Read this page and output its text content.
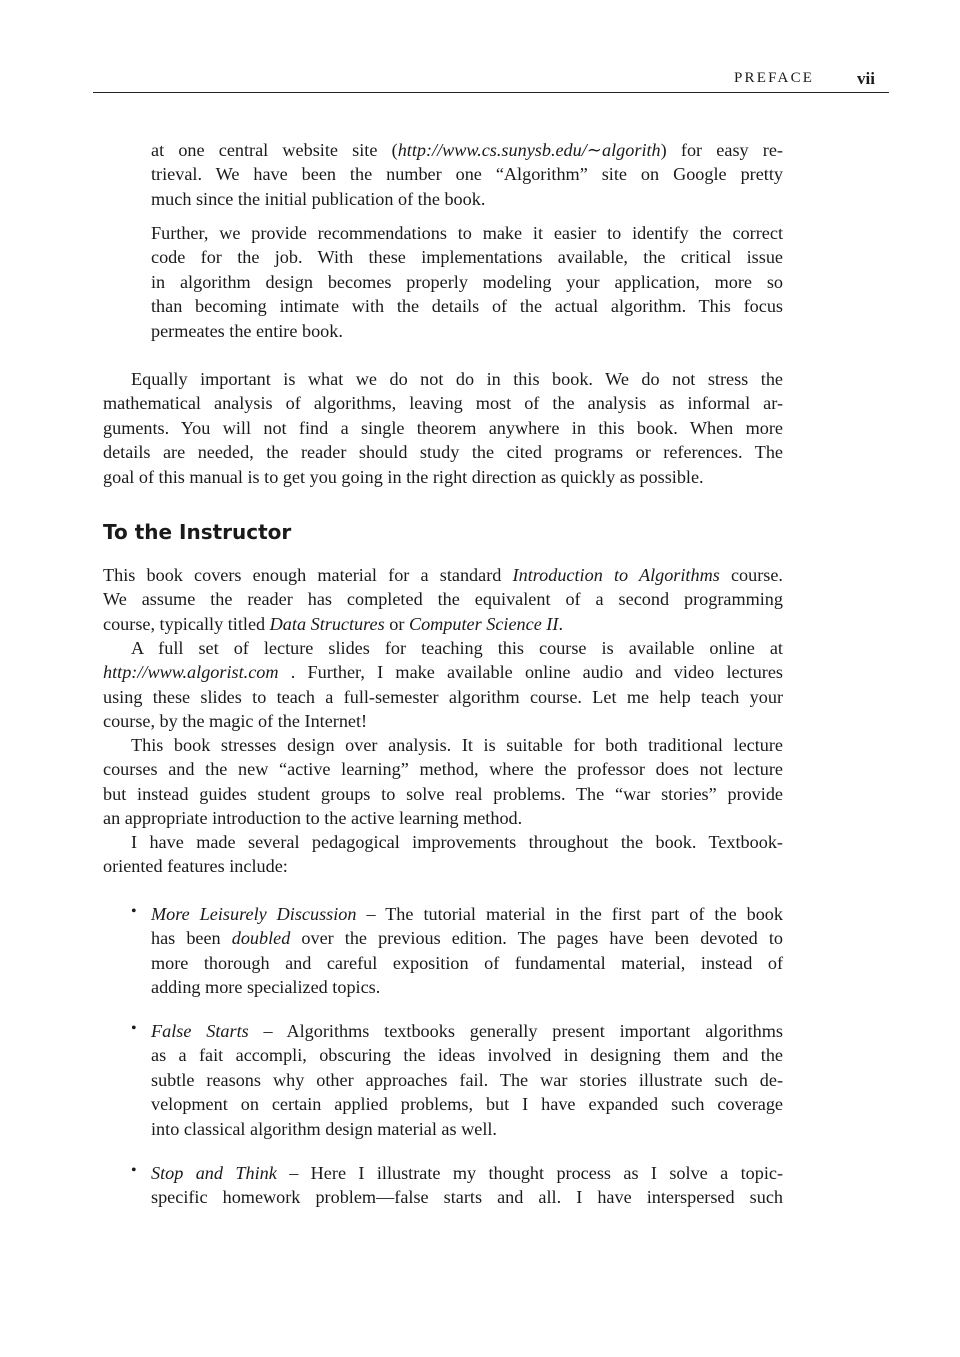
PREFACE	vii
To the Instructor
at one central website site (http://www.cs.sunysb.edu/∼algorith) for easy re-
trieval. We have been the number one “Algorithm” site on Google pretty
much since the initial publication of the book.
Further, we provide recommendations to make it easier to identify the correct
code for the job. With these implementations available, the critical issue
in algorithm design becomes properly modeling your application, more so
than becoming intimate with the details of the actual algorithm. This focus
permeates the entire book.
Equally important is what we do not do in this book. We do not stress the
mathematical analysis of algorithms, leaving most of the analysis as informal ar-
guments. You will not find a single theorem anywhere in this book. When more
details are needed, the reader should study the cited programs or references. The
goal of this manual is to get you going in the right direction as quickly as possible.
This book covers enough material for a standard Introduction to Algorithms course.
We assume the reader has completed the equivalent of a second programming
course, typically titled Data Structures or Computer Science II.
A full set of lecture slides for teaching this course is available online at
http://www.algorist.com . Further, I make available online audio and video lectures
using these slides to teach a full-semester algorithm course. Let me help teach your
course, by the magic of the Internet!
This book stresses design over analysis. It is suitable for both traditional lecture
courses and the new “active learning” method, where the professor does not lecture
but instead guides student groups to solve real problems. The “war stories” provide
an appropriate introduction to the active learning method.
I have made several pedagogical improvements throughout the book. Textbook-
oriented features include:
• More Leisurely Discussion – The tutorial material in the first part of the book
has been doubled over the previous edition. The pages have been devoted to
more thorough and careful exposition of fundamental material, instead of
adding more specialized topics.
• False Starts – Algorithms textbooks generally present important algorithms
as a fait accompli, obscuring the ideas involved in designing them and the
subtle reasons why other approaches fail. The war stories illustrate such de-
velopment on certain applied problems, but I have expanded such coverage
into classical algorithm design material as well.
• Stop and Think – Here I illustrate my thought process as I solve a topic-
specific homework problem—false starts and all. I have interspersed such
